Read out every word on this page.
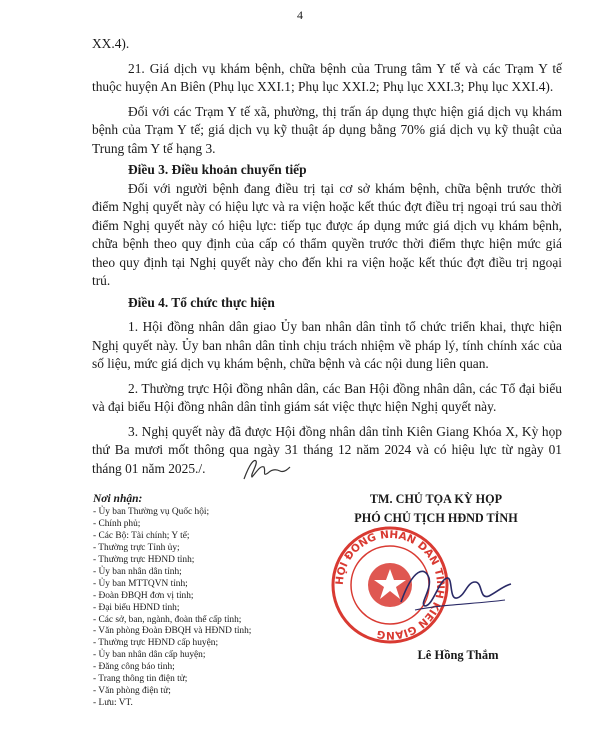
4

XX.4).

21. Giá dịch vụ khám bệnh, chữa bệnh của Trung tâm Y tế và các Trạm Y tế thuộc huyện An Biên (Phụ lục XXI.1; Phụ lục XXI.2; Phụ lục XXI.3; Phụ lục XXI.4).

Đối với các Trạm Y tế xã, phường, thị trấn áp dụng thực hiện giá dịch vụ khám bệnh của Trạm Y tế; giá dịch vụ kỹ thuật áp dụng bằng 70% giá dịch vụ kỹ thuật của Trung tâm Y tế hạng 3.

Điều 3. Điều khoản chuyển tiếp

Đối với người bệnh đang điều trị tại cơ sở khám bệnh, chữa bệnh trước thời điểm Nghị quyết này có hiệu lực và ra viện hoặc kết thúc đợt điều trị ngoại trú sau thời điểm Nghị quyết này có hiệu lực: tiếp tục được áp dụng mức giá dịch vụ khám bệnh, chữa bệnh theo quy định của cấp có thẩm quyền trước thời điểm thực hiện mức giá theo quy định tại Nghị quyết này cho đến khi ra viện hoặc kết thúc đợt điều trị ngoại trú.

Điều 4. Tổ chức thực hiện

1. Hội đồng nhân dân giao Ủy ban nhân dân tỉnh tổ chức triển khai, thực hiện Nghị quyết này. Ủy ban nhân dân tỉnh chịu trách nhiệm về pháp lý, tính chính xác của số liệu, mức giá dịch vụ khám bệnh, chữa bệnh và các nội dung liên quan.

2. Thường trực Hội đồng nhân dân, các Ban Hội đồng nhân dân, các Tổ đại biểu và đại biểu Hội đồng nhân dân tỉnh giám sát việc thực hiện Nghị quyết này.

3. Nghị quyết này đã được Hội đồng nhân dân tỉnh Kiên Giang Khóa X, Kỳ họp thứ Ba mươi mốt thông qua ngày 31 tháng 12 năm 2024 và có hiệu lực từ ngày 01 tháng 01 năm 2025./.

Nơi nhận:
- Ủy ban Thường vụ Quốc hội;
- Chính phủ;
- Các Bộ: Tài chính; Y tế;
- Thường trực Tỉnh ủy;
- Thường trực HĐND tỉnh;
- Ủy ban nhân dân tỉnh;
- Ủy ban MTTQVN tỉnh;
- Đoàn ĐBQH đơn vị tỉnh;
- Đại biểu HĐND tỉnh;
- Các sở, ban, ngành, đoàn thể cấp tỉnh;
- Văn phòng Đoàn ĐBQH và HĐND tỉnh;
- Thường trực HĐND cấp huyện;
- Ủy ban nhân dân cấp huyện;
- Đăng công báo tỉnh;
- Trang thông tin điện tử;
- Văn phòng điện tử;
- Lưu: VT.
TM. CHỦ TỌA KỲ HỌP
PHÓ CHỦ TỊCH HĐND TỈNH
HỘI ĐỒNG NHÂN DÂN TỈNH KIÊN GIANG
Lê Hồng Thắm
